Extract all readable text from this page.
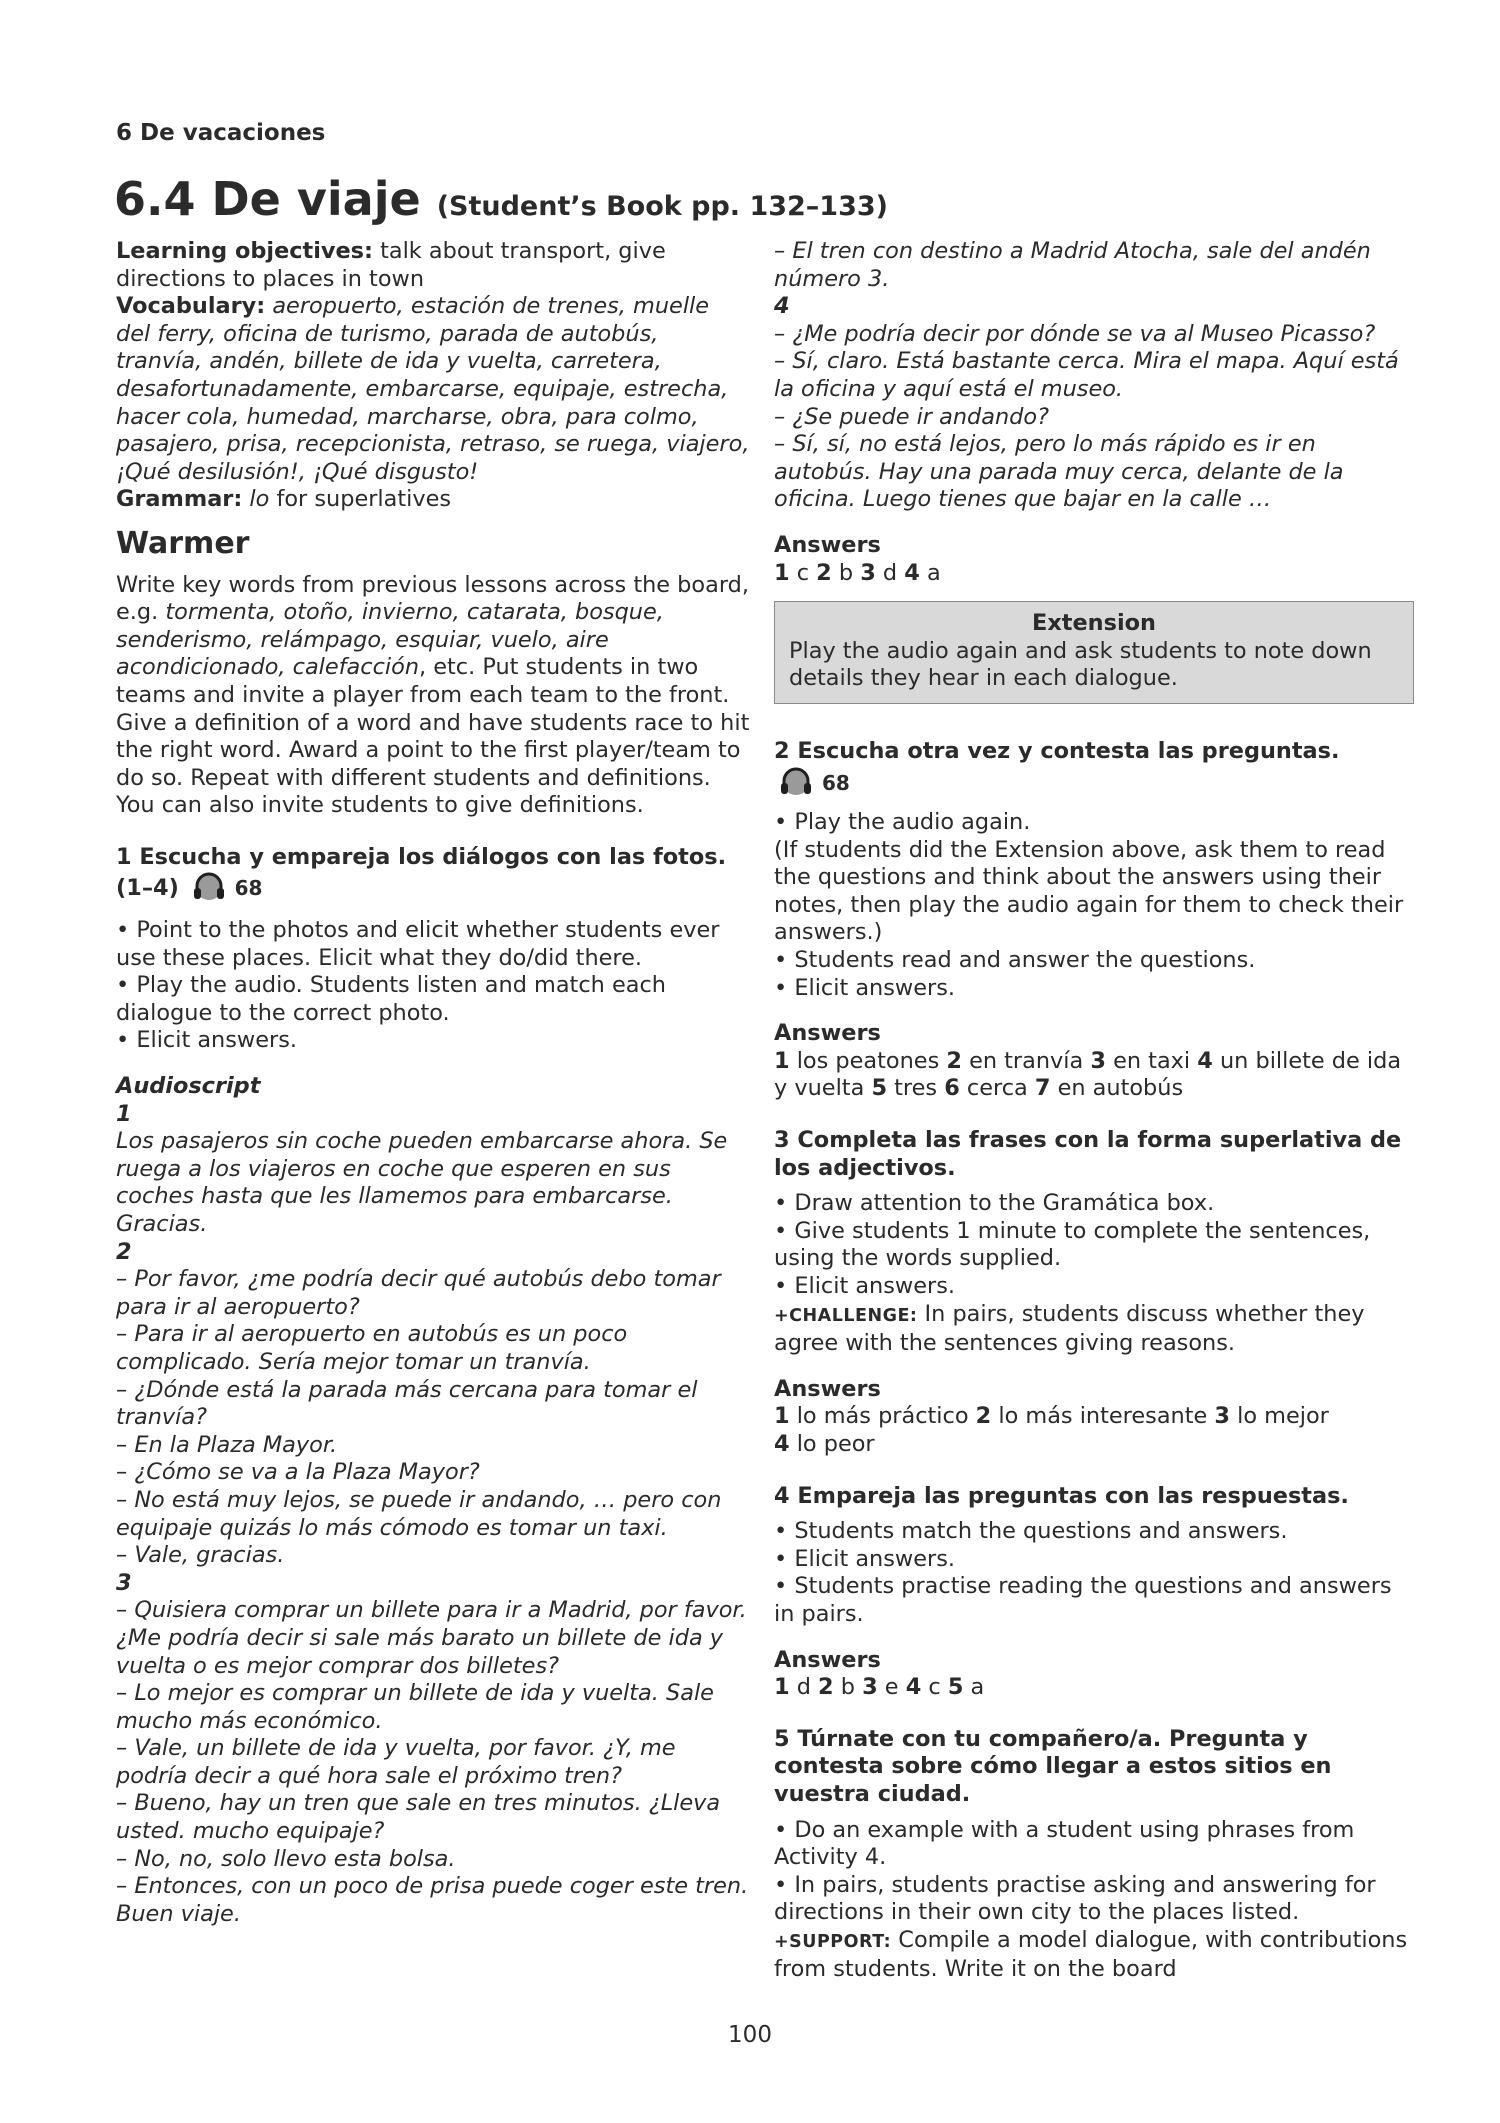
6 De vacaciones
6.4 De viaje (Student’s Book pp. 132–133)

Learning objectives: talk about transport, give directions to places in town

Vocabulary: aeropuerto, estación de trenes, muelle del ferry, oficina de turismo, parada de autobús, tranvía, andén, billete de ida y vuelta, carretera, desafortunadamente, embarcarse, equipaje, estrecha, hacer cola, humedad, marcharse, obra, para colmo, pasajero, prisa, recepcionista, retraso, se ruega, viajero, ¡Qué desilusión!, ¡Qué disgusto!

Grammar: lo for superlatives

Warmer

Write key words from previous lessons across the board, e.g. tormenta, otoño, invierno, catarata, bosque, senderismo, relámpago, esquiar, vuelo, aire acondicionado, calefacción, etc. Put students in two teams and invite a player from each team to the front. Give a definition of a word and have students race to hit the right word. Award a point to the first player/team to do so. Repeat with different students and definitions. You can also invite students to give definitions.

1 Escucha y empareja los diálogos con las fotos.
(1–4)	68

• Point to the photos and elicit whether students ever use these places. Elicit what they do/did there.

• Play the audio. Students listen and match each dialogue to the correct photo.

• Elicit answers.

Audioscript

1

Los pasajeros sin coche pueden embarcarse ahora. Se ruega a los viajeros en coche que esperen en sus coches hasta que les llamemos para embarcarse. Gracias.

2

– Por favor, ¿me podría decir qué autobús debo tomar para ir al aeropuerto?

– Para ir al aeropuerto en autobús es un poco complicado. Sería mejor tomar un tranvía.

– ¿Dónde está la parada más cercana para tomar el tranvía?

– En la Plaza Mayor.

– ¿Cómo se va a la Plaza Mayor?

– No está muy lejos, se puede ir andando, … pero con equipaje quizás lo más cómodo es tomar un taxi.

– Vale, gracias.

3

– Quisiera comprar un billete para ir a Madrid, por favor. ¿Me podría decir si sale más barato un billete de ida y vuelta o es mejor comprar dos billetes?

– Lo mejor es comprar un billete de ida y vuelta. Sale mucho más económico.

– Vale, un billete de ida y vuelta, por favor. ¿Y, me podría decir a qué hora sale el próximo tren?

– Bueno, hay un tren que sale en tres minutos. ¿Lleva usted. mucho equipaje?

– No, no, solo llevo esta bolsa.

– Entonces, con un poco de prisa puede coger este tren. Buen viaje.

– El tren con destino a Madrid Atocha, sale del andén número 3.

4

– ¿Me podría decir por dónde se va al Museo Picasso?

– Sí, claro. Está bastante cerca. Mira el mapa. Aquí está la oficina y aquí está el museo.

– ¿Se puede ir andando?

– Sí, sí, no está lejos, pero lo más rápido es ir en autobús. Hay una parada muy cerca, delante de la oficina. Luego tienes que bajar en la calle …

Answers

1 c 2 b 3 d 4 a

Extension

Play the audio again and ask students to note down details they hear in each dialogue.

2 Escucha otra vez y contesta las preguntas.

68

• Play the audio again.

(If students did the Extension above, ask them to read the questions and think about the answers using their notes, then play the audio again for them to check their answers.)

• Students read and answer the questions.

• Elicit answers.

Answers

1 los peatones 2 en tranvía 3 en taxi 4 un billete de ida y vuelta 5 tres 6 cerca 7 en autobús

3 Completa las frases con la forma superlativa de los adjectivos.

• Draw attention to the Gramática box.

• Give students 1 minute to complete the sentences, using the words supplied.

• Elicit answers.

+CHALLENGE: In pairs, students discuss whether they agree with the sentences giving reasons.

Answers

1 lo más práctico 2 lo más interesante 3 lo mejor
4 lo peor

4 Empareja las preguntas con las respuestas.

• Students match the questions and answers.

• Elicit answers.

• Students practise reading the questions and answers in pairs.

Answers

1 d 2 b 3 e 4 c 5 a

5 Túrnate con tu compañero/a. Pregunta y contesta sobre cómo llegar a estos sitios en vuestra ciudad.

• Do an example with a student using phrases from Activity 4.

• In pairs, students practise asking and answering for directions in their own city to the places listed.

+SUPPORT: Compile a model dialogue, with contributions from students. Write it on the board

100
